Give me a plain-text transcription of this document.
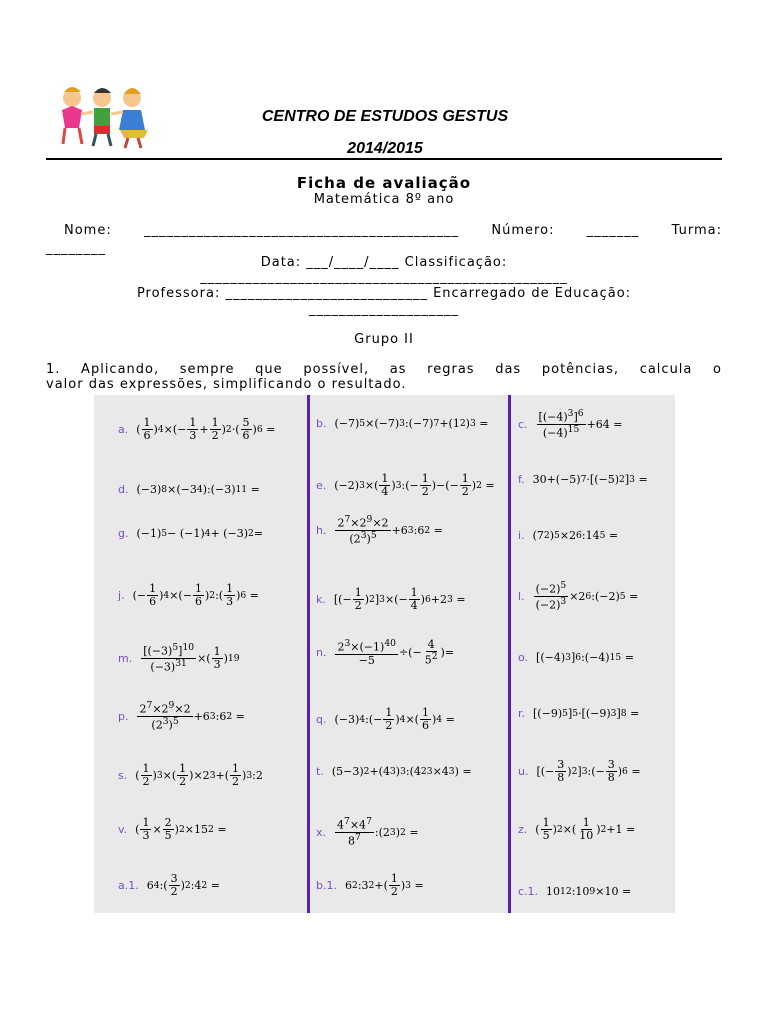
CENTRO DE ESTUDOS GESTUS
2014/2015
Ficha de avaliação
Matemática 8º ano
Nome: __________________________________________ Número: _______ Turma:
________
Data: ___/____/____ Classificação:
_________________________________________________
Professora: ___________________________ Encarregado de Educação:
____________________
Grupo II
1. Aplicando, sempre que possível, as regras das potências, calcula o
valor das expressões, simplificando o resultado.
a. ( $\frac{1}{6}$ ) 4 ×(− $\frac{1}{3} + \frac{1}{2}$ ) 2 ·( $\frac{5}{6}$ ) 6 =
d. (−3) 8 ×(−3 4 ):(−3) 11 =
g. (−1) 5 − (−1) 4 + (−3) 2 =
j. (− $\frac{1}{6}$ ) 4 ×(− $\frac{1}{6}$ ) 2 :( $\frac{1}{3}$ ) 6 =
m. $\frac{[(-3)^5]^{10}}{(-3)^{31}}$ ×( $\frac{1}{3}$ ) 19
p. $\frac{2^7\times 2^9\times 2}{(2^3)^5} +6$ 3 :6 2 =
s. ( $\frac{1}{2}$ ) 3 ×( $\frac{1}{2} )\times 2$ 3 +( $\frac{1}{2}$ ) 3 :2
v. ( $\frac{1}{3} \times \frac{2}{5}$ ) 2 ×15 2 =
a.1. 6 4 :( $\frac{3}{2}$ ) 2 :4 2 =
b. (−7) 5 ×(−7) 3 :(−7) 7 +(1 2 ) 3 =
e. (−2) 3 ×( $\frac{1}{4}$ ) 3 :(− $\frac{1}{2}$ )−(− $\frac{1}{2}$ ) 2 =
h. $\frac{2^7\times 2^9\times 2}{(2^3)^5} +6$ 3 :6 2 =
k. [(− $\frac{1}{2}$ ) 2 ] 3 ×(− $\frac{1}{4}$ ) 6 +2 3 =
n. $\frac{2^3\times(-1)^{40}}{-5}$ ÷(− $\frac{4}{5^2}$ )=
q. (−3) 4 :(− $\frac{1}{2}$ ) 4 ×( $\frac{1}{6}$ ) 4 =
t. (5−3) 2 +(4 3 ) 3 :(4 2 3 ×4 3 ) =
x. $\frac{4^7\times 4^7}{8^7}$ :(2 3 ) 2 =
b.1. 6 2 :3 2 +( $\frac{1}{2}$ ) 3 =
c. $\frac{[(-4)^3]^6}{(-4)^{15}} +64$ =
f. 30+(−5) 7 ·[(−5) 2 ] 3 =
i. (7 2 ) 5 ×2 6 :14 5 =
l. $\frac{(-2)^5}{(-2)^3} \times 2$ 6 :(−2) 5 =
o. [(−4) 3 ] 6 :(−4) 15 =
r. [(−9) 5 ] 5 ·[(−9) 3 ] 8 =
u. [(− $\frac{3}{8}$ ) 2 ] 3 :(− $\frac{3}{8}$ ) 6 =
z. ( $\frac{1}{5}$ ) 2 ×( $\frac{1}{10}$ ) 2 +1 =
c.1. 10 12 :10 9 ×10 =
